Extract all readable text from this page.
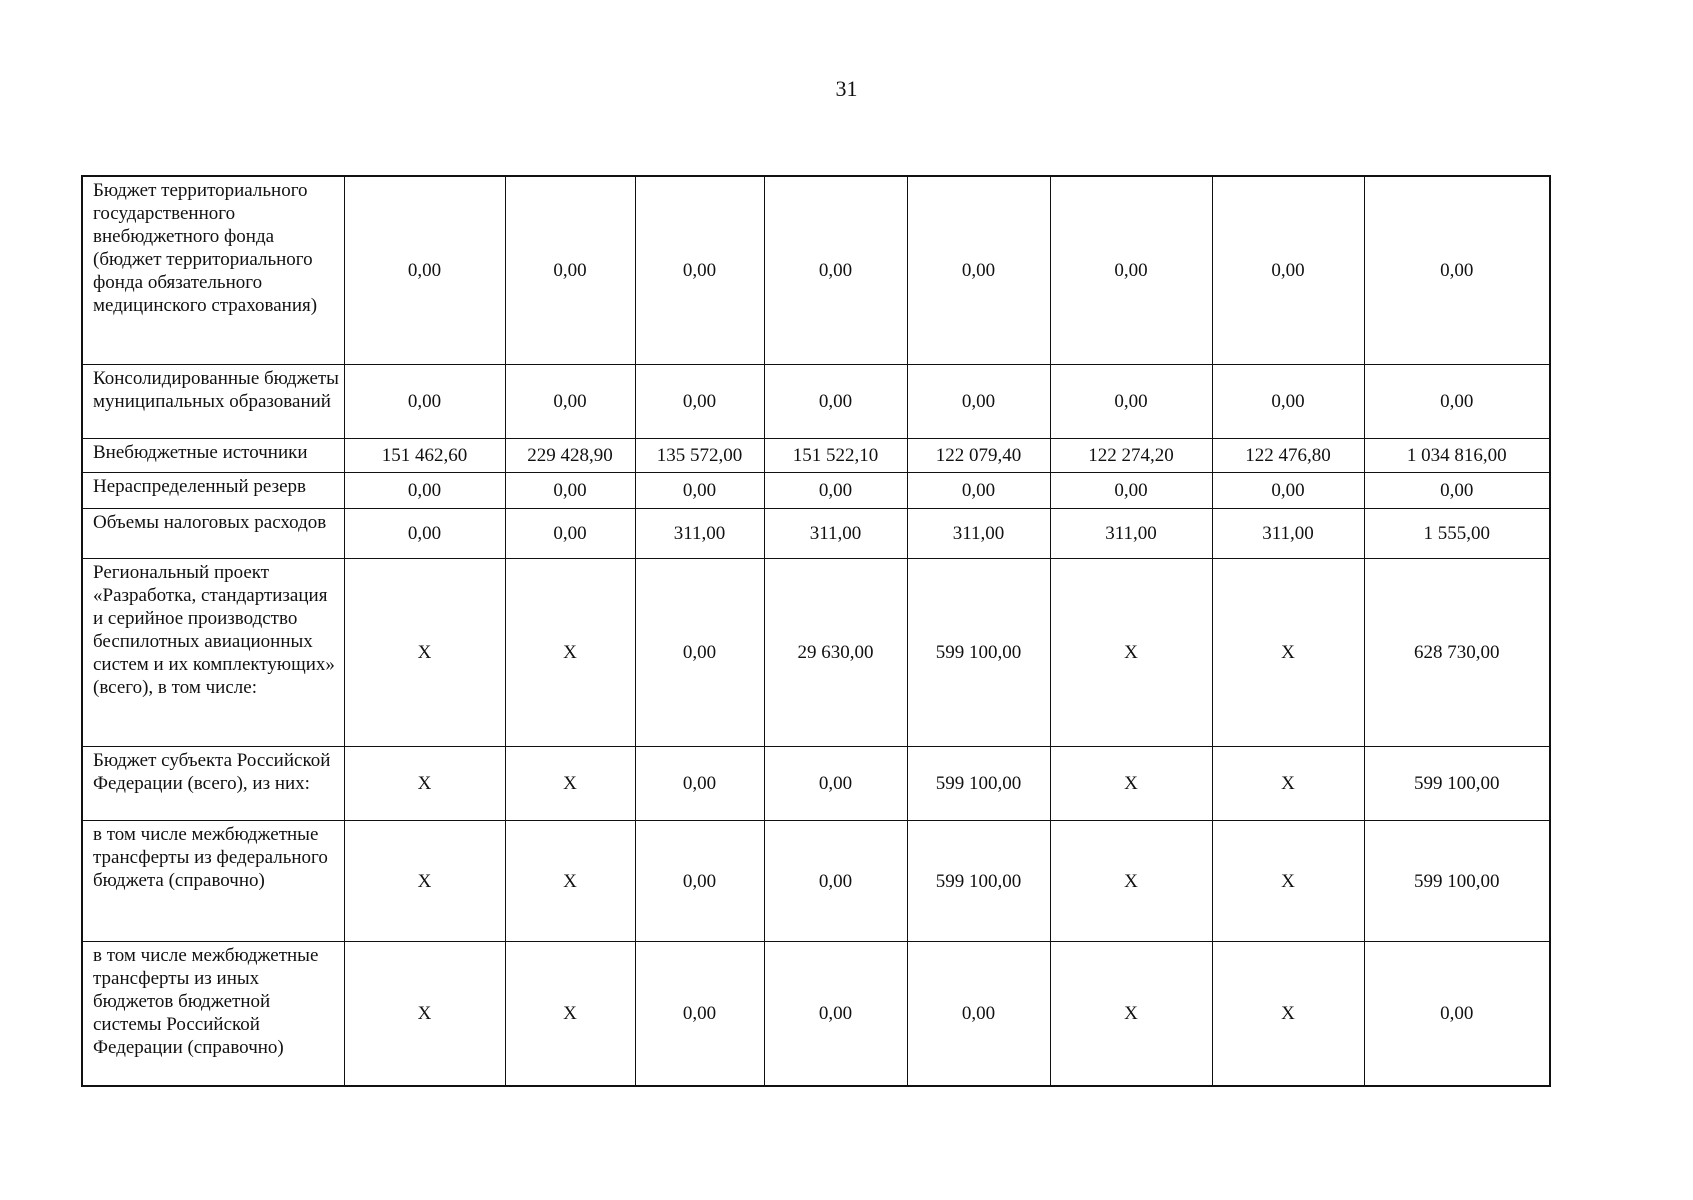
31
Бюджет территориального государственного внебюджетного фонда (бюджет территориального фонда обязательного медицинского страхования)	0,00	0,00	0,00	0,00	0,00	0,00	0,00	0,00
Консолидированные бюджеты муниципальных образований	0,00	0,00	0,00	0,00	0,00	0,00	0,00	0,00
Внебюджетные источники	151 462,60	229 428,90	135 572,00	151 522,10	122 079,40	122 274,20	122 476,80	1 034 816,00
Нераспределенный резерв	0,00	0,00	0,00	0,00	0,00	0,00	0,00	0,00
Объемы налоговых расходов	0,00	0,00	311,00	311,00	311,00	311,00	311,00	1 555,00
Региональный проект «Разработка, стандартизация и серийное производство беспилотных авиационных систем и их комплектующих» (всего), в том числе:	Х	Х	0,00	29 630,00	599 100,00	Х	Х	628 730,00
Бюджет субъекта Российской Федерации (всего), из них:	Х	Х	0,00	0,00	599 100,00	Х	Х	599 100,00
в том числе межбюджетные трансферты из федерального бюджета (справочно)	Х	Х	0,00	0,00	599 100,00	Х	Х	599 100,00
в том числе межбюджетные трансферты из иных бюджетов бюджетной системы Российской Федерации (справочно)	Х	Х	0,00	0,00	0,00	Х	Х	0,00
